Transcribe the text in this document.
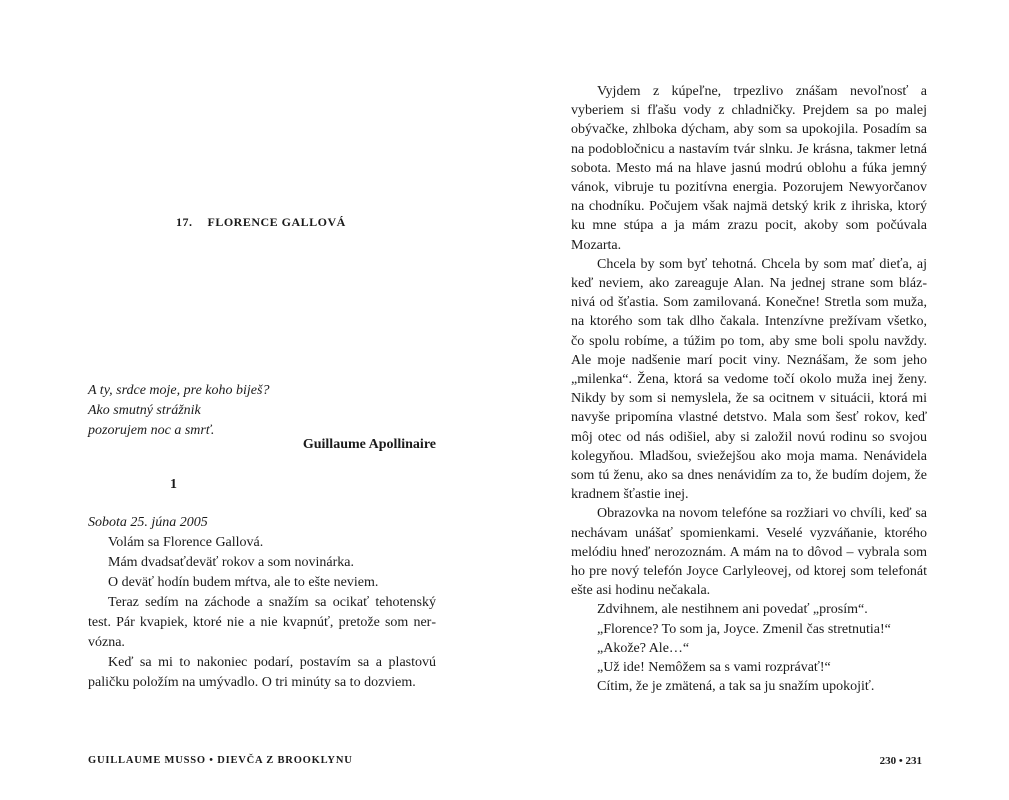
17. FLORENCE GALLOVÁ
A ty, srdce moje, pre koho biješ?
Ako smutný strážnik
pozorujem noc a smrť.
Guillaume Apollinaire
1

Sobota 25. júna 2005

Volám sa Florence Gallová.

Mám dvadsaťdeväť rokov a som novinárka.

O deväť hodín budem mŕtva, ale to ešte neviem.

Teraz sedím na záchode a snažím sa ocikať tehotenský test. Pár kvapiek, ktoré nie a nie kvapnúť, pretože som nervózna.

Keď sa mi to nakoniec podarí, postavím sa a plastovú paličku položím na umývadlo. O tri minúty sa to dozviem.

GUILLAUME MUSSO • DIEVČA Z BROOKLYNU

Vyjdem z kúpeľne, trpezlivo znášam nevoľnosť a vyberiem si fľašu vody z chladničky. Prejdem sa po malej obývačke, zhlboka dýcham, aby som sa upokojila. Posadím sa na podobločnicu a nastavím tvár slnku. Je krásna, takmer letná sobota. Mesto má na hlave jasnú modrú oblohu a fúka jemný vánok, vibruje tu pozitívna energia. Pozorujem Newyorčanov na chodníku. Počujem však najmä detský krik z ihriska, ktorý ku mne stúpa a ja mám zrazu pocit, akoby som počúvala Mozarta.

Chcela by som byť tehotná. Chcela by som mať dieťa, aj keď neviem, ako zareaguje Alan. Na jednej strane som bláznivá od šťastia. Som zamilovaná. Konečne! Stretla som muža, na ktorého som tak dlho čakala. Intenzívne prežívam všetko, čo spolu robíme, a túžim po tom, aby sme boli spolu navždy. Ale moje nadšenie marí pocit viny. Neznášam, že som jeho „milenka“. Žena, ktorá sa vedome točí okolo muža inej ženy. Nikdy by som si nemyslela, že sa ocitnem v situácii, ktorá mi navyše pripomína vlastné detstvo. Mala som šesť rokov, keď môj otec od nás odišiel, aby si založil novú rodinu so svojou kolegyňou. Mladšou, sviežejšou ako moja mama. Nenávidela som tú ženu, ako sa dnes nenávidím za to, že budím dojem, že kradnem šťastie inej.

Obrazovka na novom telefóne sa rozžiari vo chvíli, keď sa nechávam unášať spomienkami. Veselé vyzváňanie, ktorého melódiu hneď nerozoznám. A mám na to dôvod – vybrala som ho pre nový telefón Joyce Carlyleovej, od ktorej som telefonát ešte asi hodinu nečakala.

Zdvihnem, ale nestihnem ani povedať „prosím“.

„Florence? To som ja, Joyce. Zmenil čas stretnutia!“

„Akože? Ale…“

„Už ide! Nemôžem sa s vami rozprávať!“

Cítim, že je zmätená, a tak sa ju snažím upokojiť.

230 • 231
